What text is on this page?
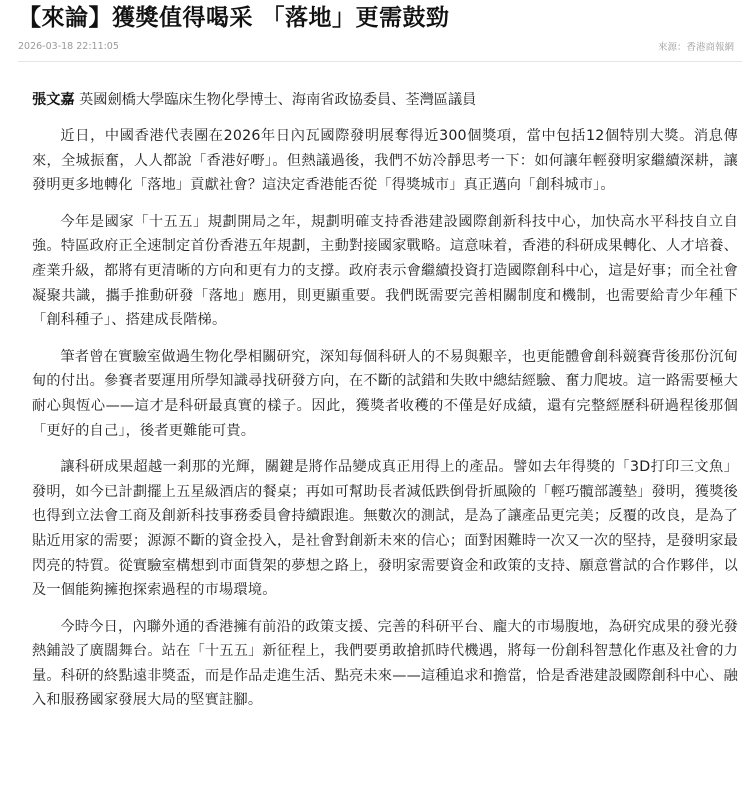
【來論】獲獎值得喝采 「落地」更需鼓勁
2026-03-18 22:11:05	來源：香港商報網

張文嘉 英國劍橋大學臨床生物化學博士、海南省政協委員、荃灣區議員

近日，中國香港代表團在2026年日內瓦國際發明展奪得近300個獎項，當中包括12個特別大獎。消息傳來，全城振奮，人人都說「香港好嘢」。但熱議過後，我們不妨冷靜思考一下：如何讓年輕發明家繼續深耕，讓發明更多地轉化「落地」貢獻社會？這決定香港能否從「得獎城市」真正邁向「創科城市」。

今年是國家「十五五」規劃開局之年，規劃明確支持香港建設國際創新科技中心，加快高水平科技自立自強。特區政府正全速制定首份香港五年規劃，主動對接國家戰略。這意味着，香港的科研成果轉化、人才培養、產業升級，都將有更清晰的方向和更有力的支撐。政府表示會繼續投資打造國際創科中心，這是好事；而全社會凝聚共識，攜手推動研發「落地」應用，則更顯重要。我們既需要完善相關制度和機制，也需要給青少年種下「創科種子」、搭建成長階梯。

筆者曾在實驗室做過生物化學相關研究，深知每個科研人的不易與艱辛，也更能體會創科競賽背後那份沉甸甸的付出。參賽者要運用所學知識尋找研發方向，在不斷的試錯和失敗中總結經驗、奮力爬坡。這一路需要極大耐心與恆心——這才是科研最真實的樣子。因此，獲獎者收穫的不僅是好成績，還有完整經歷科研過程後那個「更好的自己」，後者更難能可貴。

讓科研成果超越一剎那的光輝，關鍵是將作品變成真正用得上的產品。譬如去年得獎的「3D打印三文魚」發明，如今已計劃擺上五星級酒店的餐桌；再如可幫助長者減低跌倒骨折風險的「輕巧髖部護墊」發明，獲獎後也得到立法會工商及創新科技事務委員會持續跟進。無數次的測試，是為了讓產品更完美；反覆的改良，是為了貼近用家的需要；源源不斷的資金投入，是社會對創新未來的信心；面對困難時一次又一次的堅持，是發明家最閃亮的特質。從實驗室構想到市面貨架的夢想之路上，發明家需要資金和政策的支持、願意嘗試的合作夥伴，以及一個能夠擁抱探索過程的市場環境。

今時今日，內聯外通的香港擁有前沿的政策支援、完善的科研平台、龐大的市場腹地，為研究成果的發光發熱鋪設了廣闊舞台。站在「十五五」新征程上，我們要勇敢搶抓時代機遇，將每一份創科智慧化作惠及社會的力量。科研的終點遠非獎盃，而是作品走進生活、點亮未來——這種追求和擔當，恰是香港建設國際創科中心、融入和服務國家發展大局的堅實註腳。
